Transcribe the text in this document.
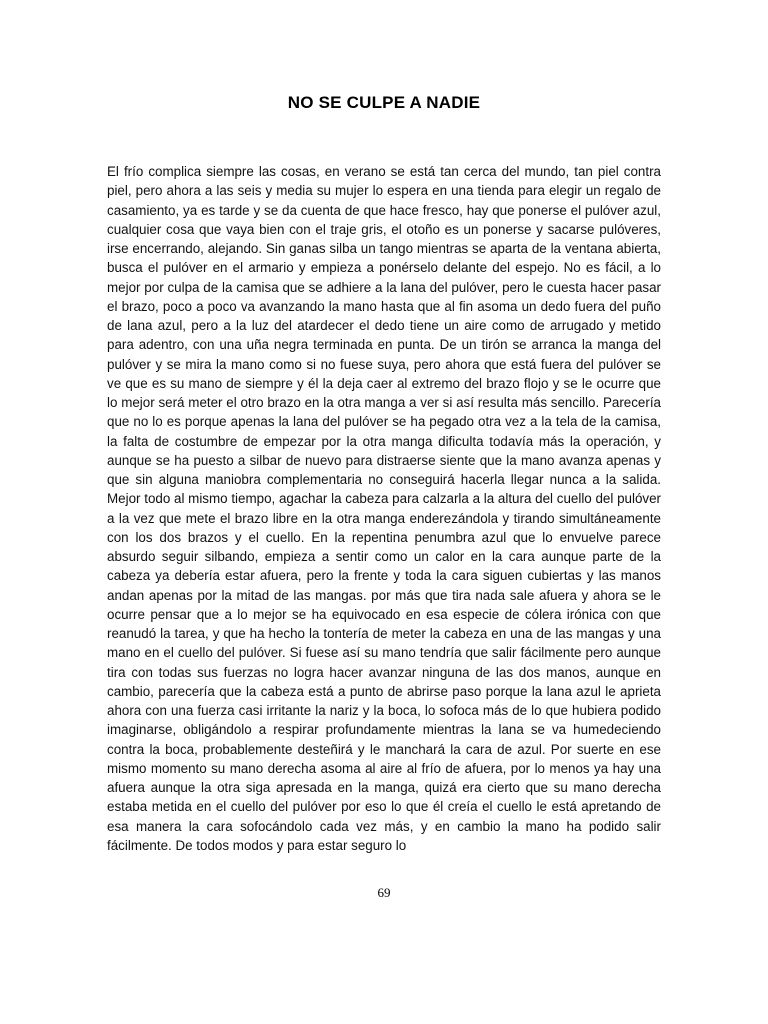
NO SE CULPE A NADIE

El frío complica siempre las cosas, en verano se está tan cerca del mundo, tan piel contra piel, pero ahora a las seis y media su mujer lo espera en una tienda para elegir un regalo de casamiento, ya es tarde y se da cuenta de que hace fresco, hay que ponerse el pulóver azul, cualquier cosa que vaya bien con el traje gris, el otoño es un ponerse y sacarse pulóveres, irse encerrando, alejando. Sin ganas silba un tango mientras se aparta de la ventana abierta, busca el pulóver en el armario y empieza a ponérselo delante del espejo. No es fácil, a lo mejor por culpa de la camisa que se adhiere a la lana del pulóver, pero le cuesta hacer pasar el brazo, poco a poco va avanzando la mano hasta que al fin asoma un dedo fuera del puño de lana azul, pero a la luz del atardecer el dedo tiene un aire como de arrugado y metido para adentro, con una uña negra terminada en punta. De un tirón se arranca la manga del pulóver y se mira la mano como si no fuese suya, pero ahora que está fuera del pulóver se ve que es su mano de siempre y él la deja caer al extremo del brazo flojo y se le ocurre que lo mejor será meter el otro brazo en la otra manga a ver si así resulta más sencillo. Parecería que no lo es porque apenas la lana del pulóver se ha pegado otra vez a la tela de la camisa, la falta de costumbre de empezar por la otra manga dificulta todavía más la operación, y aunque se ha puesto a silbar de nuevo para distraerse siente que la mano avanza apenas y que sin alguna maniobra complementaria no conseguirá hacerla llegar nunca a la salida. Mejor todo al mismo tiempo, agachar la cabeza para calzarla a la altura del cuello del pulóver a la vez que mete el brazo libre en la otra manga enderezándola y tirando simultáneamente con los dos brazos y el cuello. En la repentina penumbra azul que lo envuelve parece absurdo seguir silbando, empieza a sentir como un calor en la cara aunque parte de la cabeza ya debería estar afuera, pero la frente y toda la cara siguen cubiertas y las manos andan apenas por la mitad de las mangas. por más que tira nada sale afuera y ahora se le ocurre pensar que a lo mejor se ha equivocado en esa especie de cólera irónica con que reanudó la tarea, y que ha hecho la tontería de meter la cabeza en una de las mangas y una mano en el cuello del pulóver. Si fuese así su mano tendría que salir fácilmente pero aunque tira con todas sus fuerzas no logra hacer avanzar ninguna de las dos manos, aunque en cambio, parecería que la cabeza está a punto de abrirse paso porque la lana azul le aprieta ahora con una fuerza casi irritante la nariz y la boca, lo sofoca más de lo que hubiera podido imaginarse, obligándolo a respirar profundamente mientras la lana se va humedeciendo contra la boca, probablemente desteñirá y le manchará la cara de azul. Por suerte en ese mismo momento su mano derecha asoma al aire al frío de afuera, por lo menos ya hay una afuera aunque la otra siga apresada en la manga, quizá era cierto que su mano derecha estaba metida en el cuello del pulóver por eso lo que él creía el cuello le está apretando de esa manera la cara sofocándolo cada vez más, y en cambio la mano ha podido salir fácilmente. De todos modos y para estar seguro lo

69
